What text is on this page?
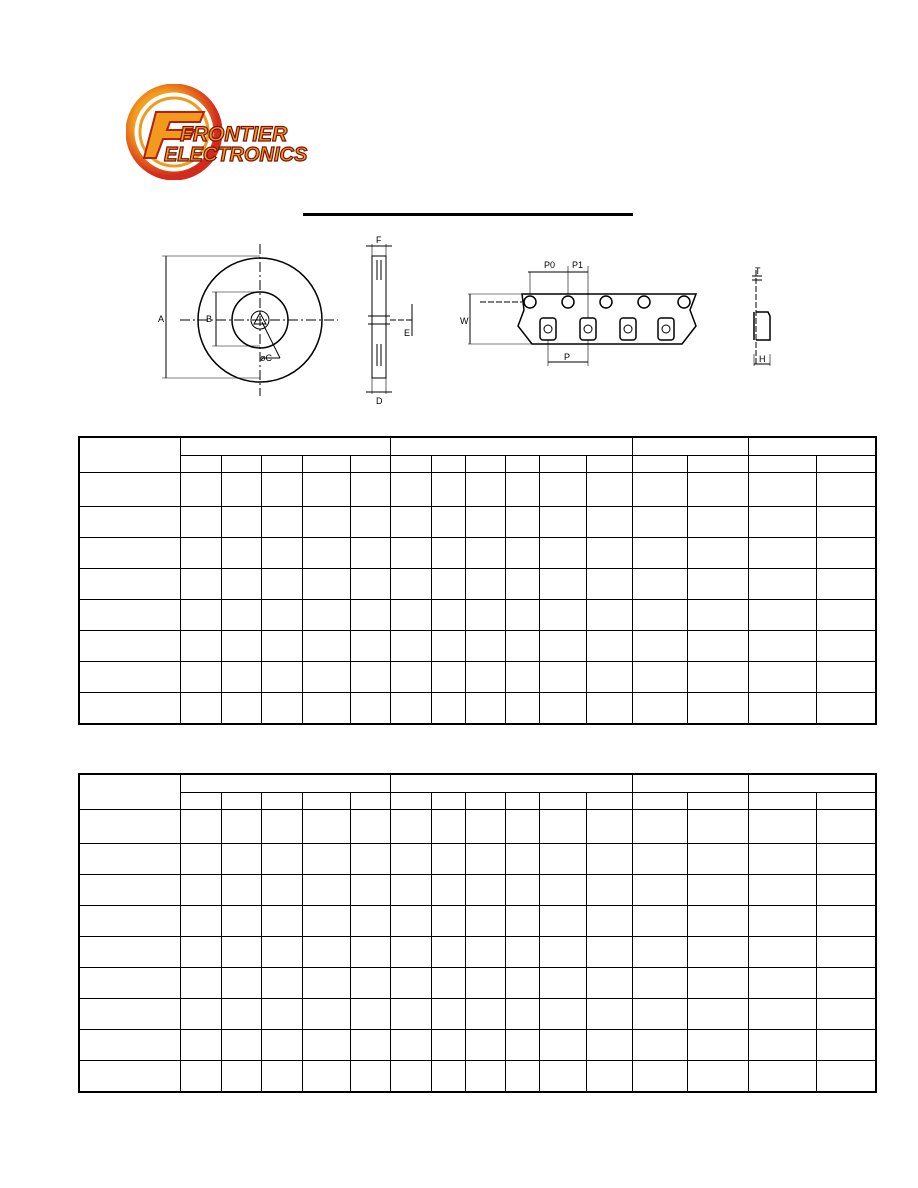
FRONTIER
ELECTRONICS
A	B
øC
F
D
E
P0 P1
W
P
T
H
